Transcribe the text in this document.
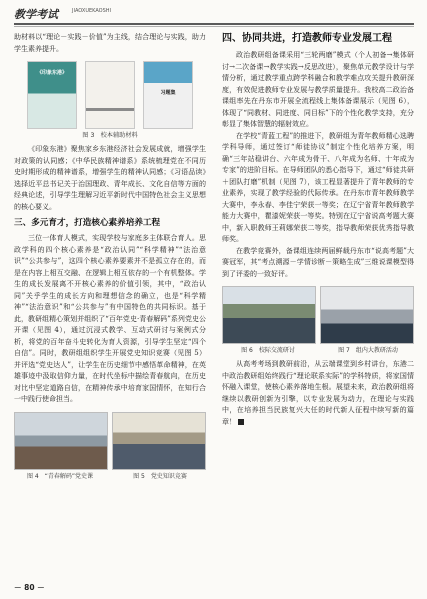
教学考试	JIAOXUEKAOSHI

助材料以“理论－实践－价值”为主线，结合理论与实践，助力学生素养提升。

《印象东港》
习题集
图 3　校本辅助材料

《印象东港》聚焦家乡东港经济社会发展成就，增强学生对政策的认同感；《中华民族精神谱系》系统梳理党在不同历史时期形成的精神谱系，增强学生的精神认同感；《习语品读》选择近平总书记关于治国理政、青年成长、文化自信等方面的经典论述，引导学生理解习近平新时代中国特色社会主义思想的核心要义。

三、多元育才，打造核心素养培养工程

三位一体育人模式，实现学校与家庭多主体联合育人。思政学科的四个核心素养是“政治认同”“科学精神”“法治意识”“公共参与”，这四个核心素养要素并不是孤立存在的，而是在内容上相互交融、在逻辑上相互依存的一个有机整体。学生的成长发展离不开核心素养的价值引领，其中，“政治认同”关乎学生的成长方向和理想信念的确立，也是“科学精神”“法治意识”和“公共参与”有中国特色的共同标识。基于此，教研组精心策划并组织了“百年党史·青春解码”系列党史公开课（见图 4），通过沉浸式教学、互动式研讨与案例式分析，将党的百年奋斗史转化为育人资源，引导学生坚定“四个自信”。同时，教研组组织学生开展党史知识竞赛（见图 5）并评选“党史达人”，让学生在历史细节中感悟革命精神，在英雄事迹中汲取信仰力量，在时代坐标中描绘青春航向，在历史对比中坚定道路自信，在精神传承中培育家国情怀，在知行合一中践行使命担当。

图 4　“青春解码”党史课	图 5　党史知识竞赛
四、协同共进，打造教师专业发展工程

政治教研组备课采用“三轮两磨”模式（个人初备→集体研讨→二次备课→教学实践→反思改进），聚焦单元教学设计与学情分析，通过教学重点跨学科融合和教学难点攻关提升教研深度，有效促进教师专业发展与教学质量提升。我校高二政治备课组率先在丹东市开展全流程线上集体备课展示（见图 6），体现了“同教材、同进度、同目标”下的个性化教学支持，充分彰显了集体智慧的辐射效应。

在学校“青蓝工程”的推进下，教研组为青年教师精心选聘学科导师，通过签订“师徒协议”制定个性化培养方案，明确“三年站稳讲台、六年成为骨干、八年成为名师、十年成为专家”的进阶目标。在导师团队的悉心指导下，通过“师徒共研＋团队打磨”机制（见图 7），该工程显著提升了青年教师的专业素养，实现了教学经验的代际传承。在丹东市青年教师教学大赛中，李永春、李佳宁荣获一等奖；在辽宁省青年教师教学能力大赛中，瞿漆妮荣获一等奖。特别在辽宁省说高考题大赛中，新入职教师王莉娜荣获二等奖，指导教师荣获优秀指导教师奖。

在教学竞赛外，备课组连续两届鲜载丹东市“说高考题”大赛冠军，其“考点溯源－学情诊断－策略生成”三维说课模型得到了评委的一致好评。

图 6　校际交流研讨	图 7　组内大教研活动

从高考考场到教研前沿，从云端课堂到乡村讲台，东港二中政治教研组始终践行“理论联系实际”的学科特质，将家国情怀融入课堂，使核心素养落地生根。展望未来，政治教研组将继续以教研创新为引擎，以专业发展为动力，在理论与实践中，在培养担当民族复兴大任的时代新人征程中续写新的篇章！

－ 80 －
